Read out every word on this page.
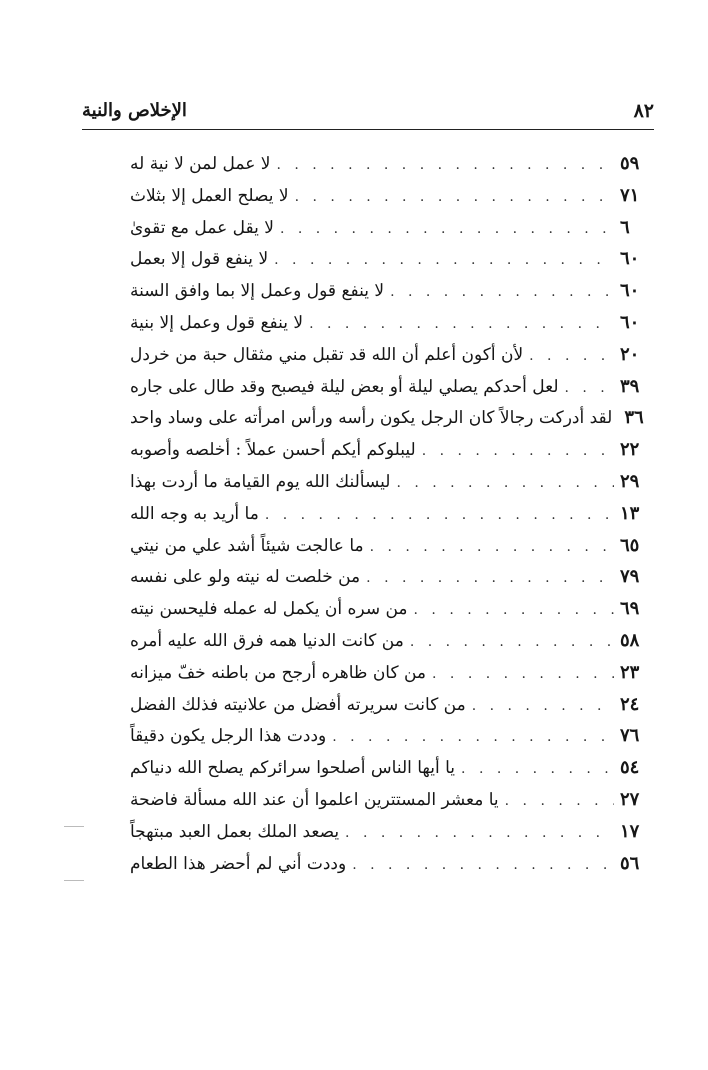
الإخلاص والنية	٨٢
لا عمل لمن لا نية له . . .	٥٩
لا يصلح العمل إلا بثلاث . . .	٧١
لا يقل عمل مع تقوىٰ . . .	٦
لا ينفع قول إلا بعمل . . .	٦٠
لا ينفع قول وعمل إلا بما وافق السنة . . .	٦٠
لا ينفع قول وعمل إلا بنية . . .	٦٠
لأن أكون أعلم أن الله قد تقبل مني مثقال حبة من خردل . . .	٢٠
لعل أحدكم يصلي ليلة أو بعض ليلة فيصبح وقد طال على جاره . . .	٣٩
لقد أدركت رجالاً كان الرجل يكون رأسه ورأس امرأته على وساد واحد ٣٦
ليبلوكم أيكم أحسن عملاً : أخلصه وأصوبه . . .	٢٢
ليسألنك الله يوم القيامة ما أردت بهذا . . .	٢٩
ما أريد به وجه الله . . .	١٣
ما عالجت شيئاً أشد علي من نيتي . . .	٦٥
من خلصت له نيته ولو على نفسه . . .	٧٩
من سره أن يكمل له عمله فليحسن نيته . . .	٦٩
من كانت الدنيا همه فرق الله عليه أمره . . .	٥٨
من كان ظاهره أرجح من باطنه خفّ ميزانه . . .	٢٣
من كانت سريرته أفضل من علانيته فذلك الفضل . . .	٢٤
وددت هذا الرجل يكون دقيقاً . . .	٧٦
يا أيها الناس أصلحوا سرائركم يصلح الله دنياكم . . .	٥٤
يا معشر المستترين اعلموا أن عند الله مسألة فاضحة . . .	٢٧
يصعد الملك بعمل العبد مبتهجاً . . .	١٧
وددت أني لم أحضر هذا الطعام . . .	٥٦
